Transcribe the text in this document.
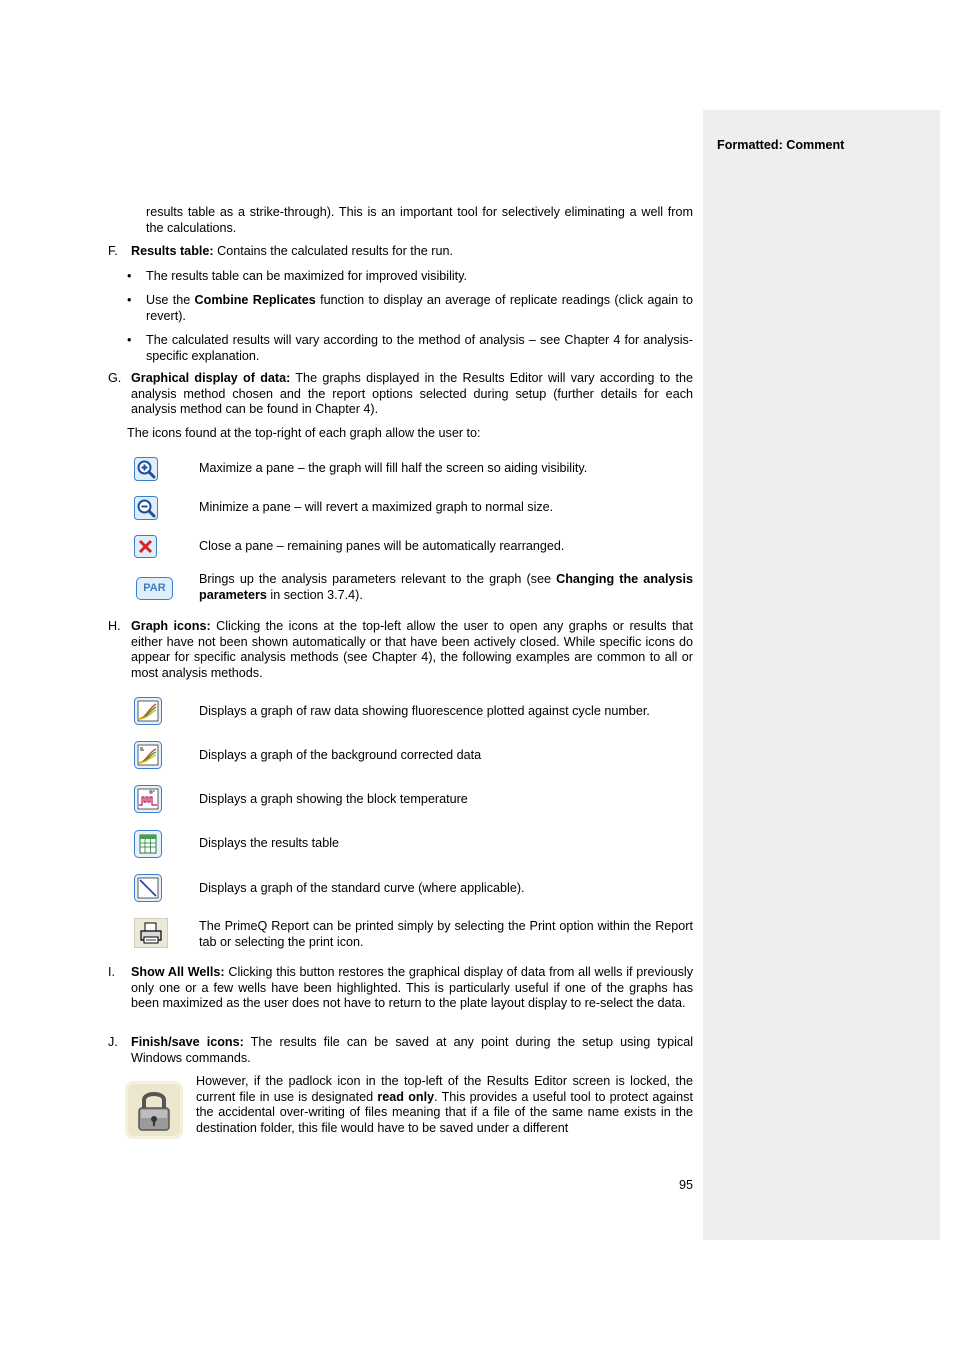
Formatted: Comment
results table as a strike-through). This is an important tool for selectively eliminating a well from the calculations.
F. Results table: Contains the calculated results for the run.
• The results table can be maximized for improved visibility.
• Use the Combine Replicates function to display an average of replicate readings (click again to revert).
• The calculated results will vary according to the method of analysis – see Chapter 4 for analysis-specific explanation.
G. Graphical display of data: The graphs displayed in the Results Editor will vary according to the analysis method chosen and the report options selected during setup (further details for each analysis method can be found in Chapter 4).
The icons found at the top-right of each graph allow the user to:
Maximize a pane – the graph will fill half the screen so aiding visibility.
Minimize a pane – will revert a maximized graph to normal size.
Close a pane – remaining panes will be automatically rearranged.
PAR
Brings up the analysis parameters relevant to the graph (see Changing the analysis parameters in section 3.7.4).
H. Graph icons: Clicking the icons at the top-left allow the user to open any graphs or results that either have not been shown automatically or that have been actively closed. While specific icons do appear for specific analysis methods (see Chapter 4), the following examples are common to all or most analysis methods.
Displays a graph of raw data showing fluorescence plotted against cycle number.
Displays a graph of the background corrected data
Displays a graph showing the block temperature
Displays the results table
Displays a graph of the standard curve (where applicable).
The PrimeQ Report can be printed simply by selecting the Print option within the Report tab or selecting the print icon.
I. Show All Wells: Clicking this button restores the graphical display of data from all wells if previously only one or a few wells have been highlighted. This is particularly useful if one of the graphs has been maximized as the user does not have to return to the plate layout display to re-select the data.
J. Finish/save icons: The results file can be saved at any point during the setup using typical Windows commands.
However, if the padlock icon in the top-left of the Results Editor screen is locked, the current file in use is designated read only. This provides a useful tool to protect against the accidental over-writing of files meaning that if a file of the same name exists in the destination folder, this file would have to be saved under a different
95
